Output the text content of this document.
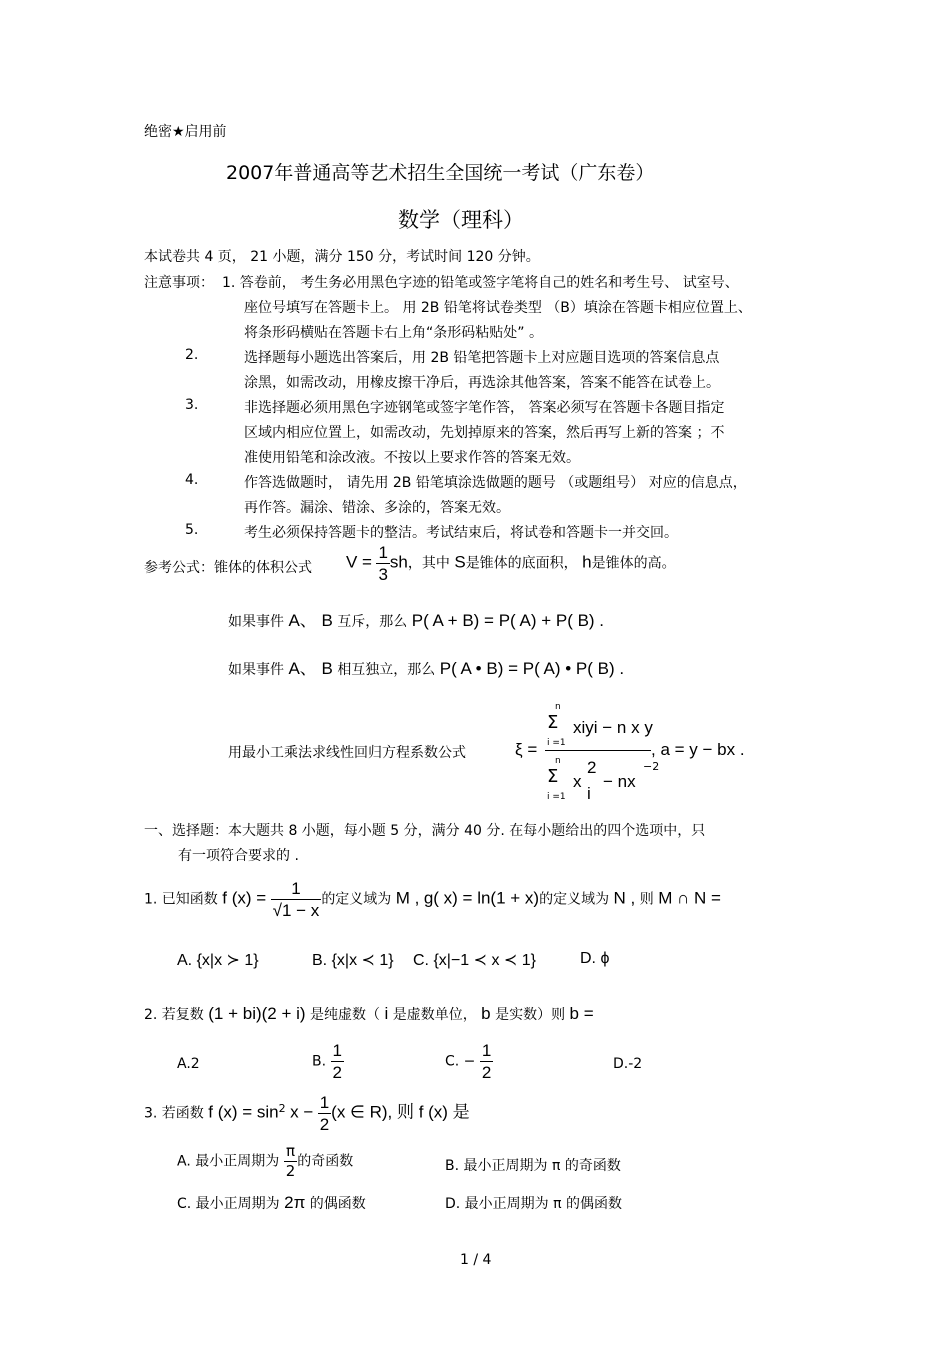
绝密★启用前
2007年普通高等艺术招生全国统一考试（广东卷）
数学（理科）
本试卷共 4 页， 21 小题，满分 150 分，考试时间 120 分钟。
注意事项： 1. 答卷前， 考生务必用黑色字迹的铅笔或签字笔将自己的姓名和考生号、 试室号、
座位号填写在答题卡上。 用 2B 铅笔将试卷类型 （B）填涂在答题卡相应位置上、
将条形码横贴在答题卡右上角“条形码粘贴处” 。
2.	选择题每小题选出答案后，用 2B 铅笔把答题卡上对应题目选项的答案信息点
涂黑，如需改动，用橡皮擦干净后，再选涂其他答案，答案不能答在试卷上。
3.	非选择题必须用黑色字迹钢笔或签字笔作答， 答案必须写在答题卡各题目指定
区域内相应位置上，如需改动，先划掉原来的答案，然后再写上新的答案 ；不
准使用铅笔和涂改液。不按以上要求作答的答案无效。
4.	作答选做题时， 请先用 2B 铅笔填涂选做题的题号 （或题组号） 对应的信息点，
再作答。漏涂、错涂、多涂的，答案无效。
5.	考生必须保持答题卡的整洁。考试结束后，将试卷和答题卡一并交回。
参考公式：锥体的体积公式 $V = \frac{1}{3}$ sh，其中 S是锥体的底面积， h是锥体的高。
如果事件 A、 B 互斥，那么 P( A + B) = P( A) + P( B) .
如果事件 A、 B 相互独立，那么 P( A • B) = P( A) • P( B) .
用最小工乘法求线性回归方程系数公式	ξ =
n
Σ
i =1
xiyi − n x y
n
Σ
i =1
x
2
i
− nx
−2
, a = y − bx .
一、选择题：本大题共 8 小题，每小题 5 分，满分 40 分. 在每小题给出的四个选项中，只
有一项符合要求的 .
1. 已知函数 f $(x) = \frac{1}{√1 - x}$ 的定义域为 M , g( x) = ln(1 + x)的定义域为 N , 则 M ∩ N =
A. {x|x ≻ 1}	B. {x|x ≺ 1} C. {x|−1 ≺ x ≺ 1}	D. ϕ
2. 若复数 (1 + bi)(2 + i) 是纯虚数（ i 是虚数单位， b 是实数）则 b =
A.2	B. $\frac{1}{2}$	C. − $\frac{1}{2}$	D.-2
3. 若函数 f $(x) = \sin^2 x - \frac{1}{2} (x$ ∈ R), 则 f (x) 是
A. 最小正周期为 $\frac{\pi}{2}$ 的奇函数	B. 最小正周期为 π 的奇函数
C. 最小正周期为 2π 的偶函数	D. 最小正周期为 π 的偶函数
1 / 4
